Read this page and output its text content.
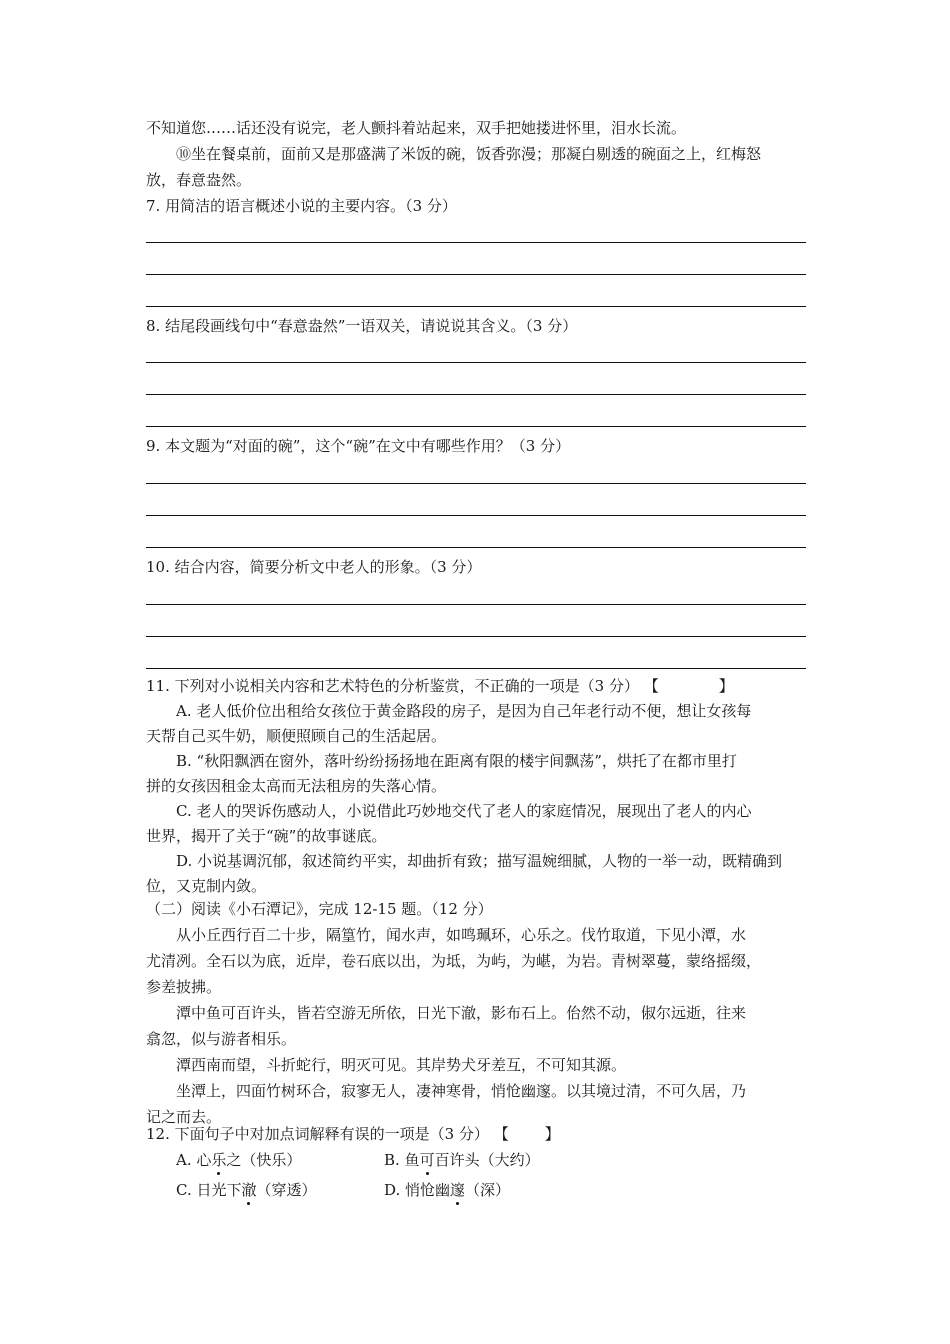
不知道您……话还没有说完，老人颤抖着站起来，双手把她搂进怀里，泪水长流。
⑩坐在餐桌前，面前又是那盛满了米饭的碗，饭香弥漫；那凝白剔透的碗面之上，红梅怒
放，春意盎然。
7. 用简洁的语言概述小说的主要内容。（3 分）
8. 结尾段画线句中“春意盎然”一语双关，请说说其含义。（3 分）
9. 本文题为“对面的碗”，这个“碗”在文中有哪些作用？（3 分）
10. 结合内容，简要分析文中老人的形象。（3 分）
11. 下列对小说相关内容和艺术特色的分析鉴赏，不正确的一项是（3 分） 【	】
A. 老人低价位出租给女孩位于黄金路段的房子，是因为自己年老行动不便，想让女孩每
天帮自己买牛奶，顺便照顾自己的生活起居。
B. “秋阳飘洒在窗外，落叶纷纷扬扬地在距离有限的楼宇间飘荡”，烘托了在都市里打
拼的女孩因租金太高而无法租房的失落心情。
C. 老人的哭诉伤感动人，小说借此巧妙地交代了老人的家庭情况，展现出了老人的内心
世界，揭开了关于“碗”的故事谜底。
D. 小说基调沉郁，叙述简约平实，却曲折有致；描写温婉细腻，人物的一举一动，既精确到
位，又克制内敛。
（二）阅读《小石潭记》，完成 12-15 题。（12 分）
从小丘西行百二十步，隔篁竹，闻水声，如鸣珮环，心乐之。伐竹取道，下见小潭，水
尤清冽。全石以为底，近岸，卷石底以出，为坻，为屿，为嵁，为岩。青树翠蔓，蒙络摇缀，
参差披拂。
潭中鱼可百许头，皆若空游无所依，日光下澈，影布石上。佁然不动，俶尔远逝，往来
翕忽，似与游者相乐。
潭西南而望，斗折蛇行，明灭可见。其岸势犬牙差互，不可知其源。
坐潭上，四面竹树环合，寂寥无人，凄神寒骨，悄怆幽邃。以其境过清，不可久居，乃
记之而去。
12. 下面句子中对加点词解释有误的一项是（3 分） 【 】
A. 心乐之（快乐）	B. 鱼可百许头（大约）
C. 日光下澈（穿透）	D. 悄怆幽邃（深）
